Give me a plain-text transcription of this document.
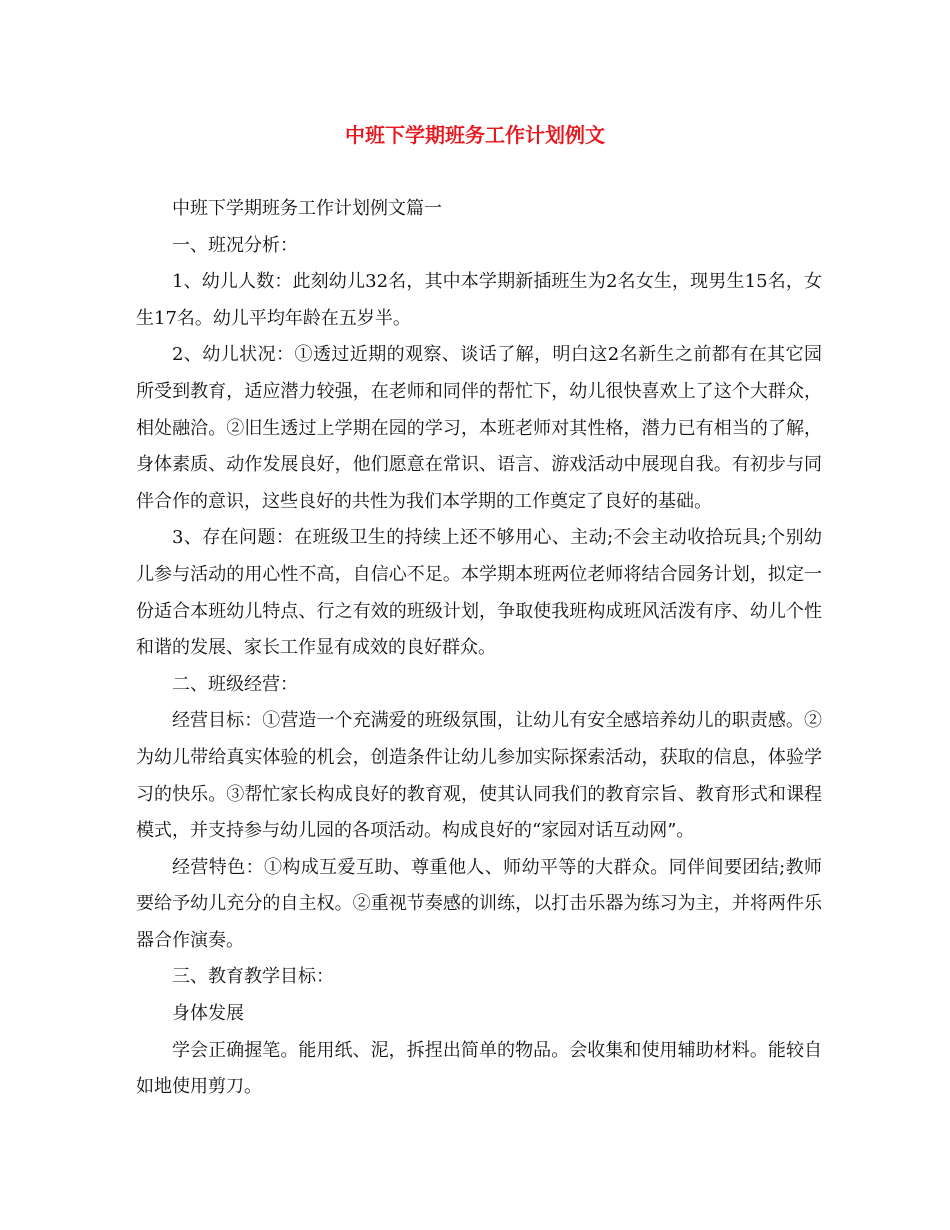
中班下学期班务工作计划例文

中班下学期班务工作计划例文篇一

一、班况分析：

1、幼儿人数：此刻幼儿32名，其中本学期新插班生为2名女生，现男生15名，女生17名。幼儿平均年龄在五岁半。

2、幼儿状况：①透过近期的观察、谈话了解，明白这2名新生之前都有在其它园所受到教育，适应潜力较强，在老师和同伴的帮忙下，幼儿很快喜欢上了这个大群众，相处融洽。②旧生透过上学期在园的学习，本班老师对其性格，潜力已有相当的了解，身体素质、动作发展良好，他们愿意在常识、语言、游戏活动中展现自我。有初步与同伴合作的意识，这些良好的共性为我们本学期的工作奠定了良好的基础。

3、存在问题：在班级卫生的持续上还不够用心、主动;不会主动收拾玩具;个别幼儿参与活动的用心性不高，自信心不足。本学期本班两位老师将结合园务计划，拟定一份适合本班幼儿特点、行之有效的班级计划，争取使我班构成班风活泼有序、幼儿个性和谐的发展、家长工作显有成效的良好群众。

二、班级经营：

经营目标：①营造一个充满爱的班级氛围，让幼儿有安全感培养幼儿的职责感。②为幼儿带给真实体验的机会，创造条件让幼儿参加实际探索活动，获取的信息，体验学习的快乐。③帮忙家长构成良好的教育观，使其认同我们的教育宗旨、教育形式和课程模式，并支持参与幼儿园的各项活动。构成良好的“家园对话互动网”。

经营特色：①构成互爱互助、尊重他人、师幼平等的大群众。同伴间要团结;教师要给予幼儿充分的自主权。②重视节奏感的训练，以打击乐器为练习为主，并将两件乐器合作演奏。

三、教育教学目标：

身体发展

学会正确握笔。能用纸、泥，拆捏出简单的物品。会收集和使用辅助材料。能较自如地使用剪刀。
